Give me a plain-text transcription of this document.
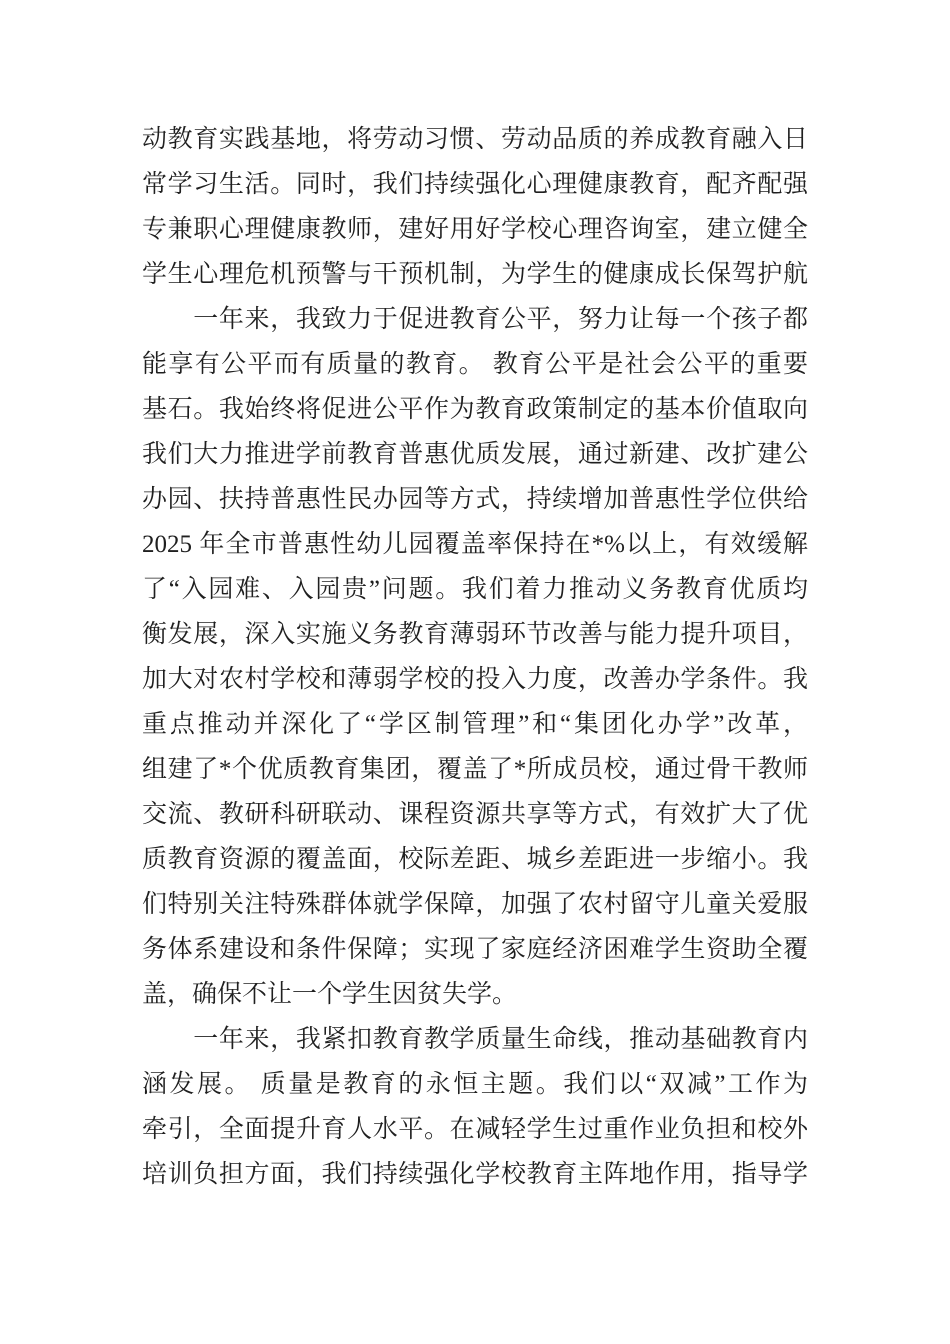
动教育实践基地，将劳动习惯、劳动品质的养成教育融入日
常学习生活。同时，我们持续强化心理健康教育，配齐配强
专兼职心理健康教师，建好用好学校心理咨询室，建立健全
学生心理危机预警与干预机制，为学生的健康成长保驾护航
　　一年来，我致力于促进教育公平，努力让每一个孩子都
能享有公平而有质量的教育。 教育公平是社会公平的重要
基石。我始终将促进公平作为教育政策制定的基本价值取向
我们大力推进学前教育普惠优质发展，通过新建、改扩建公
办园、扶持普惠性民办园等方式，持续增加普惠性学位供给
2025 年全市普惠性幼儿园覆盖率保持在*%以上，有效缓解
了“入园难、入园贵”问题。我们着力推动义务教育优质均
衡发展，深入实施义务教育薄弱环节改善与能力提升项目，
加大对农村学校和薄弱学校的投入力度，改善办学条件。我
重点推动并深化了“学区制管理”和“集团化办学”改革，
组建了*个优质教育集团，覆盖了*所成员校，通过骨干教师
交流、教研科研联动、课程资源共享等方式，有效扩大了优
质教育资源的覆盖面，校际差距、城乡差距进一步缩小。我
们特别关注特殊群体就学保障，加强了农村留守儿童关爱服
务体系建设和条件保障；实现了家庭经济困难学生资助全覆
盖，确保不让一个学生因贫失学。
　　一年来，我紧扣教育教学质量生命线，推动基础教育内
涵发展。 质量是教育的永恒主题。我们以“双减”工作为
牵引，全面提升育人水平。在减轻学生过重作业负担和校外
培训负担方面，我们持续强化学校教育主阵地作用，指导学
